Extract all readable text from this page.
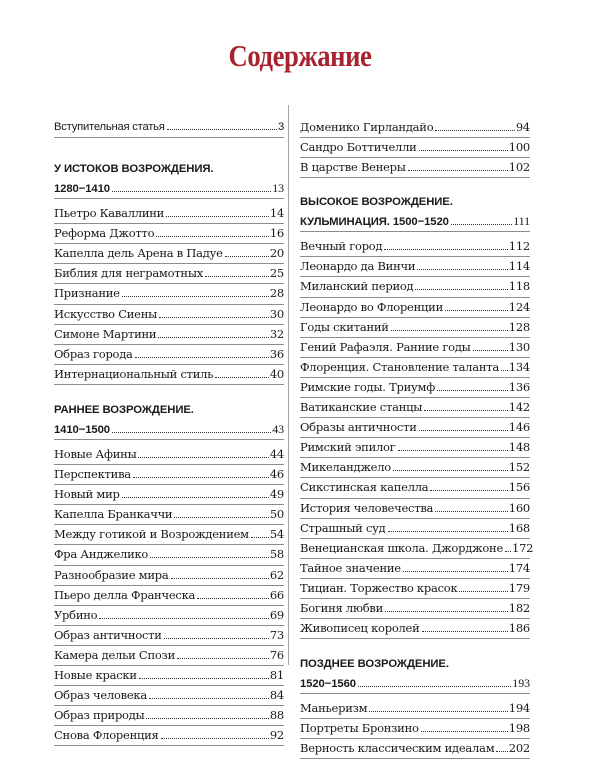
Содержание
Вступительная статья	3
У ИСТОКОВ ВОЗРОЖДЕНИЯ.
1280−1410	13
Пьетро Каваллини	14
Реформа Джотто	16
Капелла дель Арена в Падуе	20
Библия для неграмотных	25
Признание	28
Искусство Сиены	30
Симоне Мартини	32
Образ города	36
Интернациональный стиль	40
РАННЕЕ ВОЗРОЖДЕНИЕ.
1410−1500	43
Новые Афины	44
Перспектива	46
Новый мир	49
Капелла Бранкаччи	50
Между готикой и Возрождением 54
Фра Анджелико	58
Разнообразие мира	62
Пьеро делла Франческа	66
Урбино	69
Образ античности	73
Камера дельи Спози	76
Новые краски	81
Образ человека	84
Образ природы	88
Снова Флоренция	92
Доменико Гирландайо	94
Сандро Боттичелли	100
В царстве Венеры	102
ВЫСОКОЕ ВОЗРОЖДЕНИЕ.
КУЛЬМИНАЦИЯ. 1500−1520	111
Вечный город	112
Леонардо да Винчи	114
Миланский период	118
Леонардо во Флоренции	124
Годы скитаний	128
Гений Рафаэля. Ранние годы	130
Флоренция. Становление таланта 134
Римские годы. Триумф	136
Ватиканские станцы	142
Образы античности	146
Римский эпилог	148
Микеланджело	152
Сикстинская капелла	156
История человечества	160
Страшный суд	168
Венецианская школа. Джорджоне 172
Тайное значение	174
Тициан. Торжество красок	179
Богиня любви	182
Живописец королей	186
ПОЗДНЕЕ ВОЗРОЖДЕНИЕ.
1520−1560	193
Маньеризм	194
Портреты Бронзино	198
Верность классическим идеалам 202
